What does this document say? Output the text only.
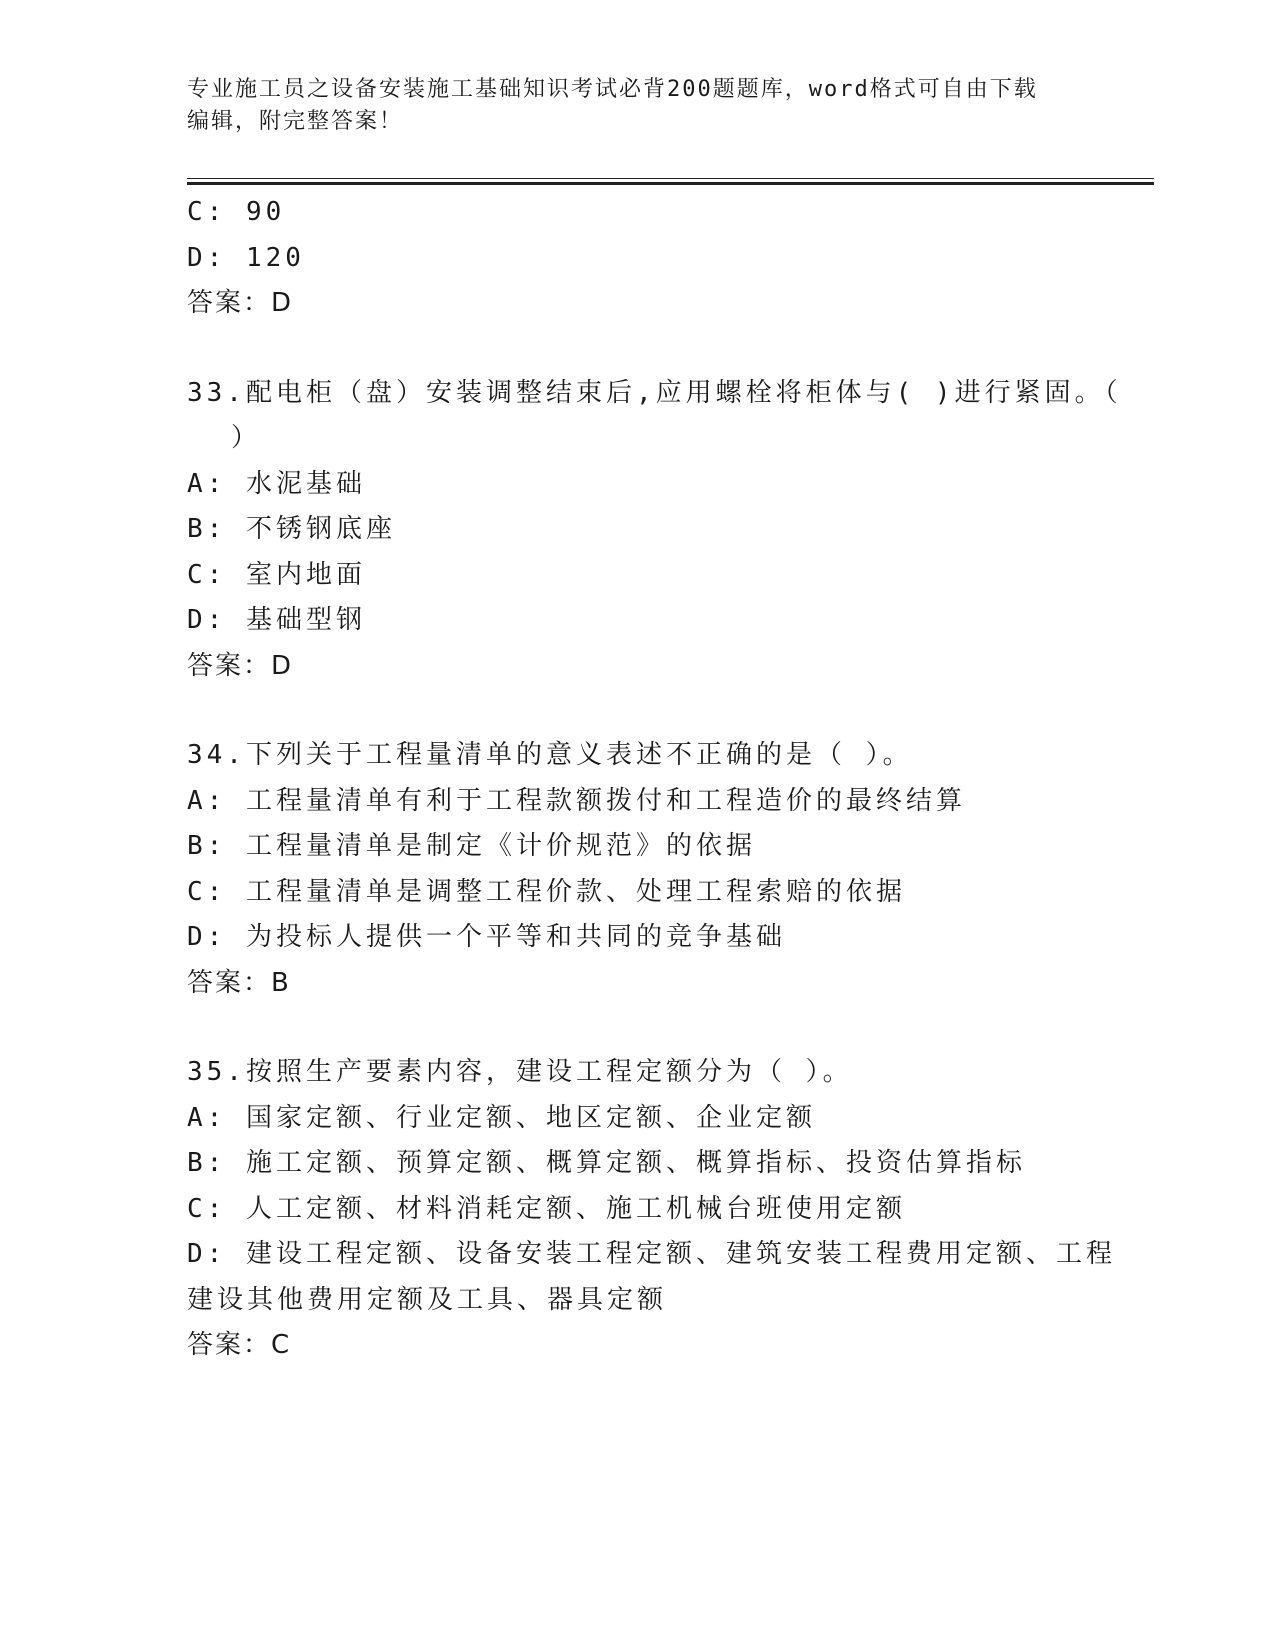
专业施工员之设备安装施工基础知识考试必背200题题库，word格式可自由下载
编辑，附完整答案！
C: 90
D: 120
答案：D
33.配电柜（盘）安装调整结束后,应用螺栓将柜体与( )进行紧固。（
）
A: 水泥基础
B: 不锈钢底座
C: 室内地面
D: 基础型钢
答案：D
34.下列关于工程量清单的意义表述不正确的是（ ）。
A: 工程量清单有利于工程款额拨付和工程造价的最终结算
B: 工程量清单是制定《计价规范》的依据
C: 工程量清单是调整工程价款、处理工程索赔的依据
D: 为投标人提供一个平等和共同的竞争基础
答案：B
35.按照生产要素内容，建设工程定额分为（ ）。
A: 国家定额、行业定额、地区定额、企业定额
B: 施工定额、预算定额、概算定额、概算指标、投资估算指标
C: 人工定额、材料消耗定额、施工机械台班使用定额
D: 建设工程定额、设备安装工程定额、建筑安装工程费用定额、工程
建设其他费用定额及工具、器具定额
答案：C
